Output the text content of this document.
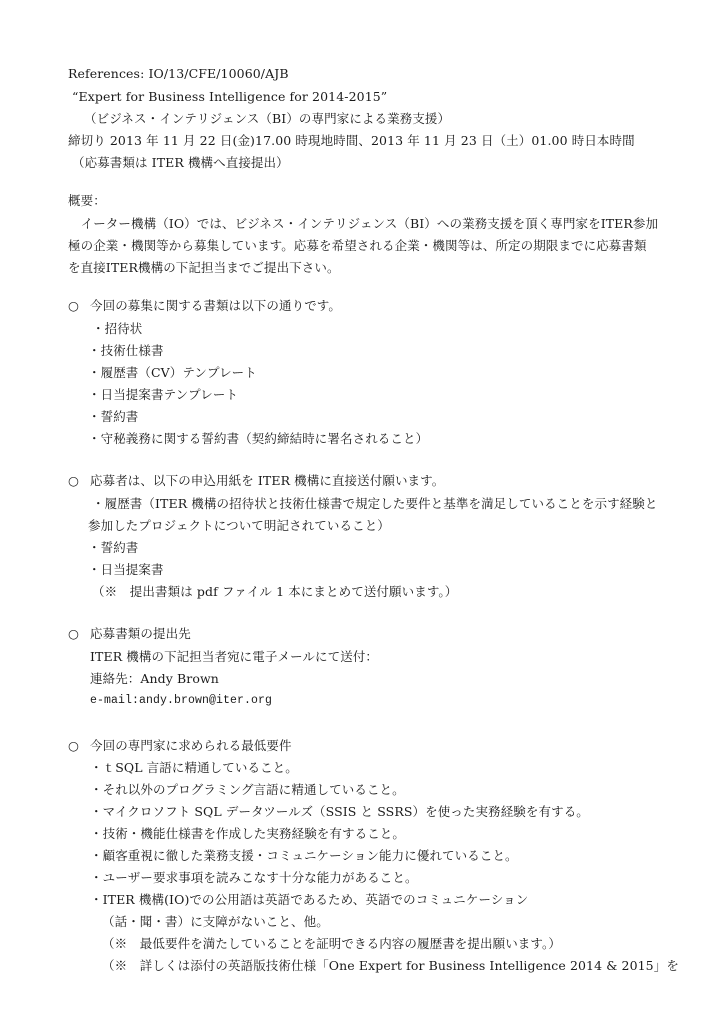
References: IO/13/CFE/10060/AJB
“Expert for Business Intelligence for 2014-2015”
（ビジネス・インテリジェンス（BI）の専門家による業務支援）
締切り 2013 年 11 月 22 日(金)17.00 時現地時間、2013 年 11 月 23 日（土）01.00 時日本時間
（応募書類は ITER 機構へ直接提出）
概要：
　イーター機構（IO）では、ビジネス・インテリジェンス（BI）への業務支援を頂く専門家をITER参加
極の企業・機関等から募集しています。応募を希望される企業・機関等は、所定の期限までに応募書類
を直接ITER機構の下記担当までご提出下さい。
○ 今回の募集に関する書類は以下の通りです。
・招待状
・技術仕様書
・履歴書（CV）テンプレート
・日当提案書テンプレート
・誓約書
・守秘義務に関する誓約書（契約締結時に署名されること）
○ 応募者は、以下の申込用紙を ITER 機構に直接送付願います。
・履歴書（ITER 機構の招待状と技術仕様書で規定した要件と基準を満足していることを示す経験と
参加したプロジェクトについて明記されていること）
・誓約書
・日当提案書
（※　提出書類は pdf ファイル 1 本にまとめて送付願います。）
○ 応募書類の提出先
ITER 機構の下記担当者宛に電子メールにて送付：
連絡先：Andy Brown
e-mail:andy.brown@iter.org
○ 今回の専門家に求められる最低要件
・ｔSQL 言語に精通していること。
・それ以外のプログラミング言語に精通していること。
・マイクロソフト SQL データツールズ（SSIS と SSRS）を使った実務経験を有する。
・技術・機能仕様書を作成した実務経験を有すること。
・顧客重視に徹した業務支援・コミュニケーション能力に優れていること。
・ユーザー要求事項を読みこなす十分な能力があること。
・ITER 機構(IO)での公用語は英語であるため、英語でのコミュニケーション
（話・聞・書）に支障がないこと、他。
（※　最低要件を満たしていることを証明できる内容の履歴書を提出願います。）
（※　詳しくは添付の英語版技術仕様「One Expert for Business Intelligence 2014 & 2015」を
